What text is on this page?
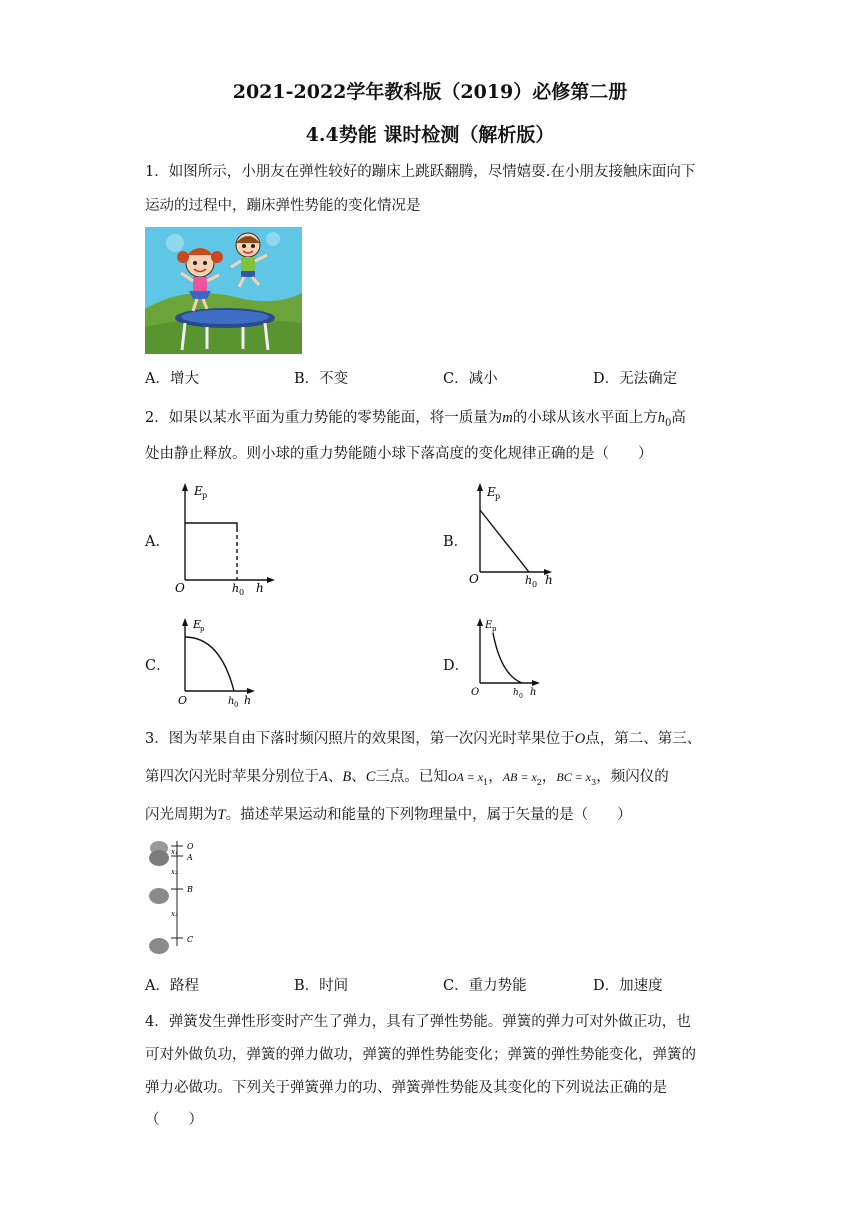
2021-2022学年教科版（2019）必修第二册
4.4势能 课时检测（解析版）
1．如图所示，小朋友在弹性较好的蹦床上跳跃翻腾，尽情嬉耍.在小朋友接触床面向下
运动的过程中，蹦床弹性势能的变化情况是
A．增大	B．不变	C．减小	D．无法确定
2．如果以某水平面为重力势能的零势能面，将一质量为m的小球从该水平面上方$h_0$高
处由静止释放。则小球的重力势能随小球下落高度的变化规律正确的是（　　）
A．
E p
O	h 0 h
B．
E p
O	h 0 h
C．
E
p
O	h 0 h
D．
E p
O	h 0 h
3．图为苹果自由下落时频闪照片的效果图，第一次闪光时苹果位于O点，第二、第三、
第四次闪光时苹果分别位于A、B、C三点。已知OA = $x_1$，AB = $x_2$，BC = $x_3$，频闪仪的
闪光周期为T。描述苹果运动和能量的下列物理量中，属于矢量的是（　　）
O
A
B
C
x₁
x₂
x₃
A．路程	B．时间	C．重力势能	D．加速度
4．弹簧发生弹性形变时产生了弹力，具有了弹性势能。弹簧的弹力可对外做正功，也
可对外做负功，弹簧的弹力做功，弹簧的弹性势能变化；弹簧的弹性势能变化，弹簧的
弹力必做功。下列关于弹簧弹力的功、弹簧弹性势能及其变化的下列说法正确的是
（　　）
